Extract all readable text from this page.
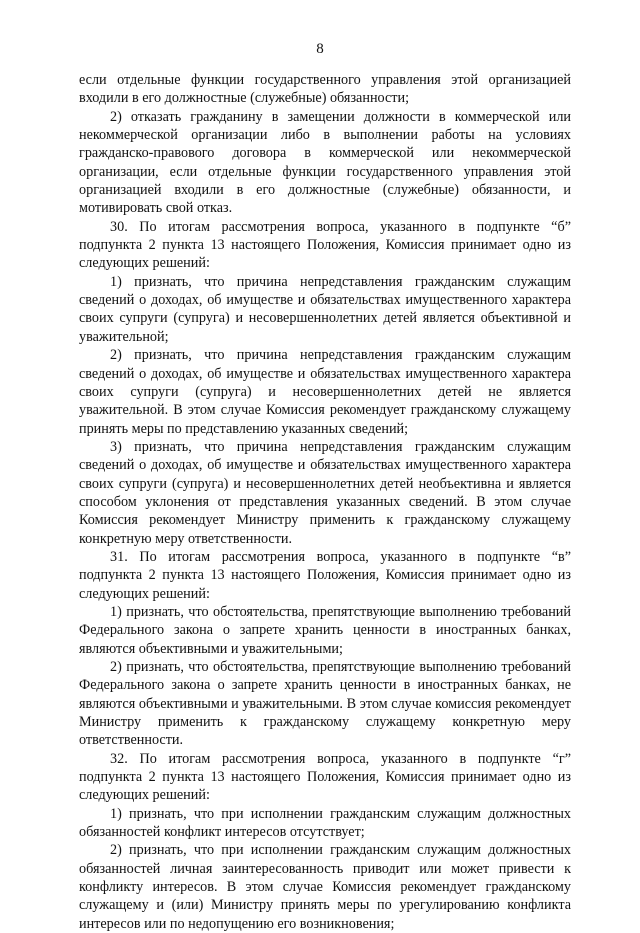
8

если отдельные функции государственного управления этой организацией входили в его должностные (служебные) обязанности;

2) отказать гражданину в замещении должности в коммерческой или некоммерческой организации либо в выполнении работы на условиях гражданско-правового договора в коммерческой или некоммерческой организации, если отдельные функции государственного управления этой организацией входили в его должностные (служебные) обязанности, и мотивировать свой отказ.

30. По итогам рассмотрения вопроса, указанного в подпункте “б” подпункта 2 пункта 13 настоящего Положения, Комиссия принимает одно из следующих решений:

1) признать, что причина непредставления гражданским служащим сведений о доходах, об имуществе и обязательствах имущественного характера своих супруги (супруга) и несовершеннолетних детей является объективной и уважительной;

2) признать, что причина непредставления гражданским служащим сведений о доходах, об имуществе и обязательствах имущественного характера своих супруги (супруга) и несовершеннолетних детей не является уважительной. В этом случае Комиссия рекомендует гражданскому служащему принять меры по представлению указанных сведений;

3) признать, что причина непредставления гражданским служащим сведений о доходах, об имуществе и обязательствах имущественного характера своих супруги (супруга) и несовершеннолетних детей необъективна и является способом уклонения от представления указанных сведений. В этом случае Комиссия рекомендует Министру применить к гражданскому служащему конкретную меру ответственности.

31. По итогам рассмотрения вопроса, указанного в подпункте “в” подпункта 2 пункта 13 настоящего Положения, Комиссия принимает одно из следующих решений:

1) признать, что обстоятельства, препятствующие выполнению требований Федерального закона о запрете хранить ценности в иностранных банках, являются объективными и уважительными;

2) признать, что обстоятельства, препятствующие выполнению требований Федерального закона о запрете хранить ценности в иностранных банках, не являются объективными и уважительными. В этом случае комиссия рекомендует Министру применить к гражданскому служащему конкретную меру ответственности.

32. По итогам рассмотрения вопроса, указанного в подпункте “г” подпункта 2 пункта 13 настоящего Положения, Комиссия принимает одно из следующих решений:

1) признать, что при исполнении гражданским служащим должностных обязанностей конфликт интересов отсутствует;

2) признать, что при исполнении гражданским служащим должностных обязанностей личная заинтересованность приводит или может привести к конфликту интересов. В этом случае Комиссия рекомендует гражданскому служащему и (или) Министру принять меры по урегулированию конфликта интересов или по недопущению его возникновения;
